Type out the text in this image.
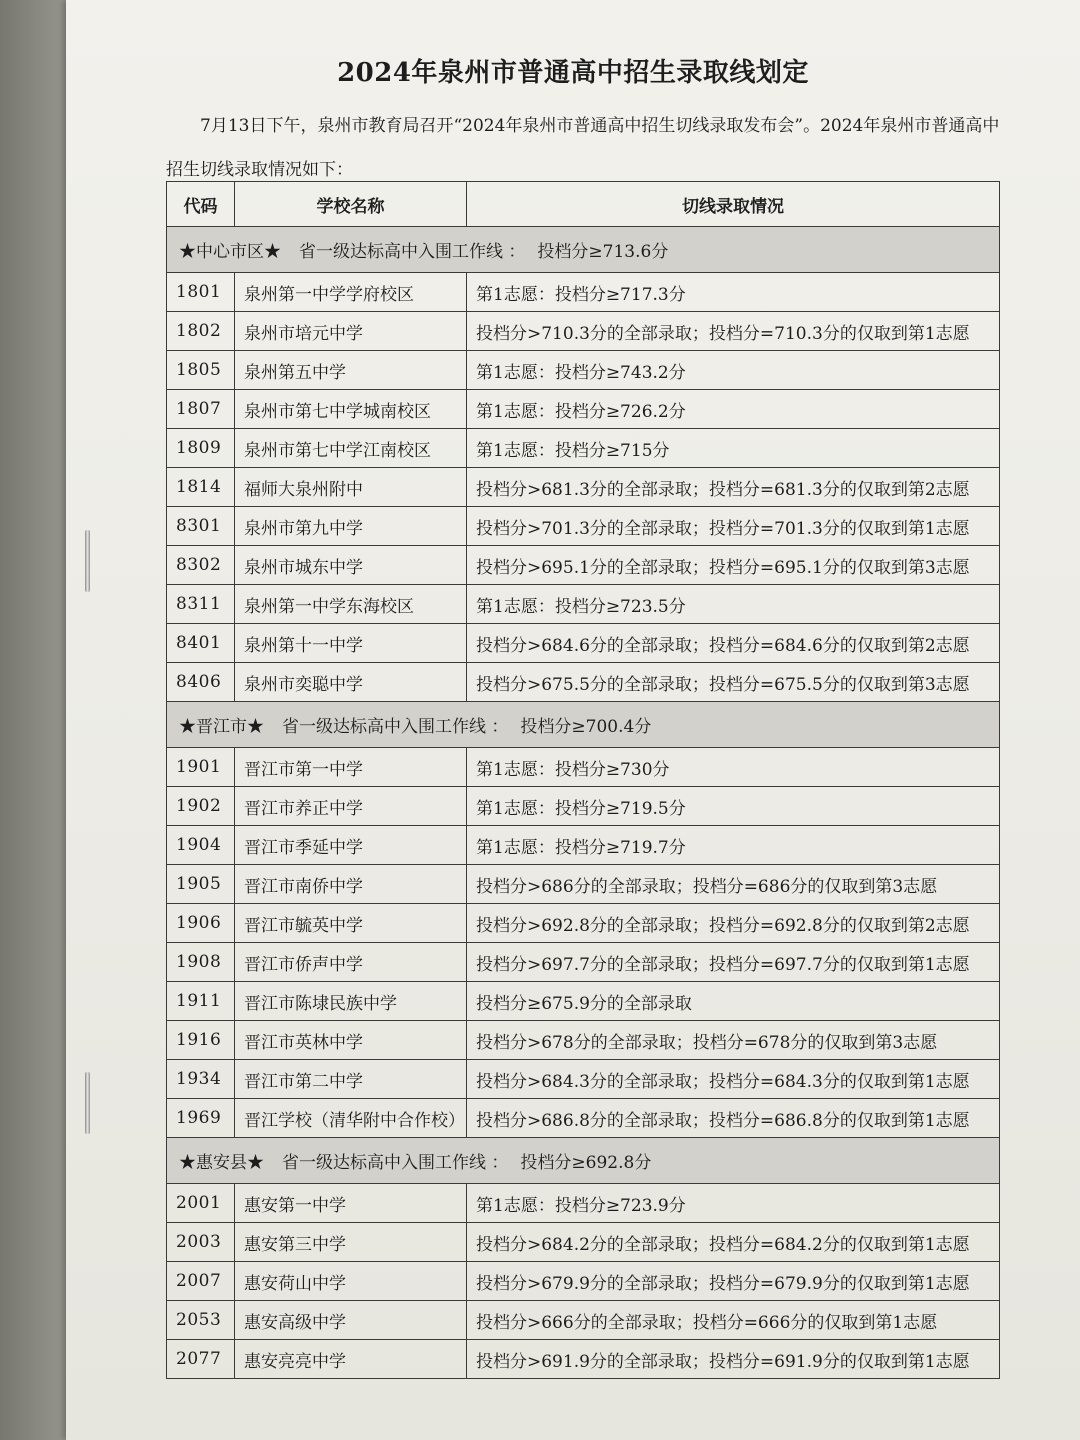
2024年泉州市普通高中招生录取线划定
7月13日下午，泉州市教育局召开“2024年泉州市普通高中招生切线录取发布会”。2024年泉州市普通高中招生切线录取情况如下：
代码	学校名称	切线录取情况
★中心市区★ 省一级达标高中入围工作线 ： 投档分≥713.6分		
1801	泉州第一中学学府校区	第1志愿：投档分≥717.3分
1802	泉州市培元中学	投档分>710.3分的全部录取；投档分=710.3分的仅取到第1志愿
1805	泉州第五中学	第1志愿：投档分≥743.2分
1807	泉州市第七中学城南校区	第1志愿：投档分≥726.2分
1809	泉州市第七中学江南校区	第1志愿：投档分≥715分
1814	福师大泉州附中	投档分>681.3分的全部录取；投档分=681.3分的仅取到第2志愿
8301	泉州市第九中学	投档分>701.3分的全部录取；投档分=701.3分的仅取到第1志愿
8302	泉州市城东中学	投档分>695.1分的全部录取；投档分=695.1分的仅取到第3志愿
8311	泉州第一中学东海校区	第1志愿：投档分≥723.5分
8401	泉州第十一中学	投档分>684.6分的全部录取；投档分=684.6分的仅取到第2志愿
8406	泉州市奕聪中学	投档分>675.5分的全部录取；投档分=675.5分的仅取到第3志愿
★晋江市★ 省一级达标高中入围工作线 ： 投档分≥700.4分		
1901	晋江市第一中学	第1志愿：投档分≥730分
1902	晋江市养正中学	第1志愿：投档分≥719.5分
1904	晋江市季延中学	第1志愿：投档分≥719.7分
1905	晋江市南侨中学	投档分>686分的全部录取；投档分=686分的仅取到第3志愿
1906	晋江市毓英中学	投档分>692.8分的全部录取；投档分=692.8分的仅取到第2志愿
1908	晋江市侨声中学	投档分>697.7分的全部录取；投档分=697.7分的仅取到第1志愿
1911	晋江市陈埭民族中学	投档分≥675.9分的全部录取
1916	晋江市英林中学	投档分>678分的全部录取；投档分=678分的仅取到第3志愿
1934	晋江市第二中学	投档分>684.3分的全部录取；投档分=684.3分的仅取到第1志愿
1969	晋江学校（清华附中合作校）	投档分>686.8分的全部录取；投档分=686.8分的仅取到第1志愿
★惠安县★ 省一级达标高中入围工作线 ： 投档分≥692.8分		
2001	惠安第一中学	第1志愿：投档分≥723.9分
2003	惠安第三中学	投档分>684.2分的全部录取；投档分=684.2分的仅取到第1志愿
2007	惠安荷山中学	投档分>679.9分的全部录取；投档分=679.9分的仅取到第1志愿
2053	惠安高级中学	投档分>666分的全部录取；投档分=666分的仅取到第1志愿
2077	惠安亮亮中学	投档分>691.9分的全部录取；投档分=691.9分的仅取到第1志愿
